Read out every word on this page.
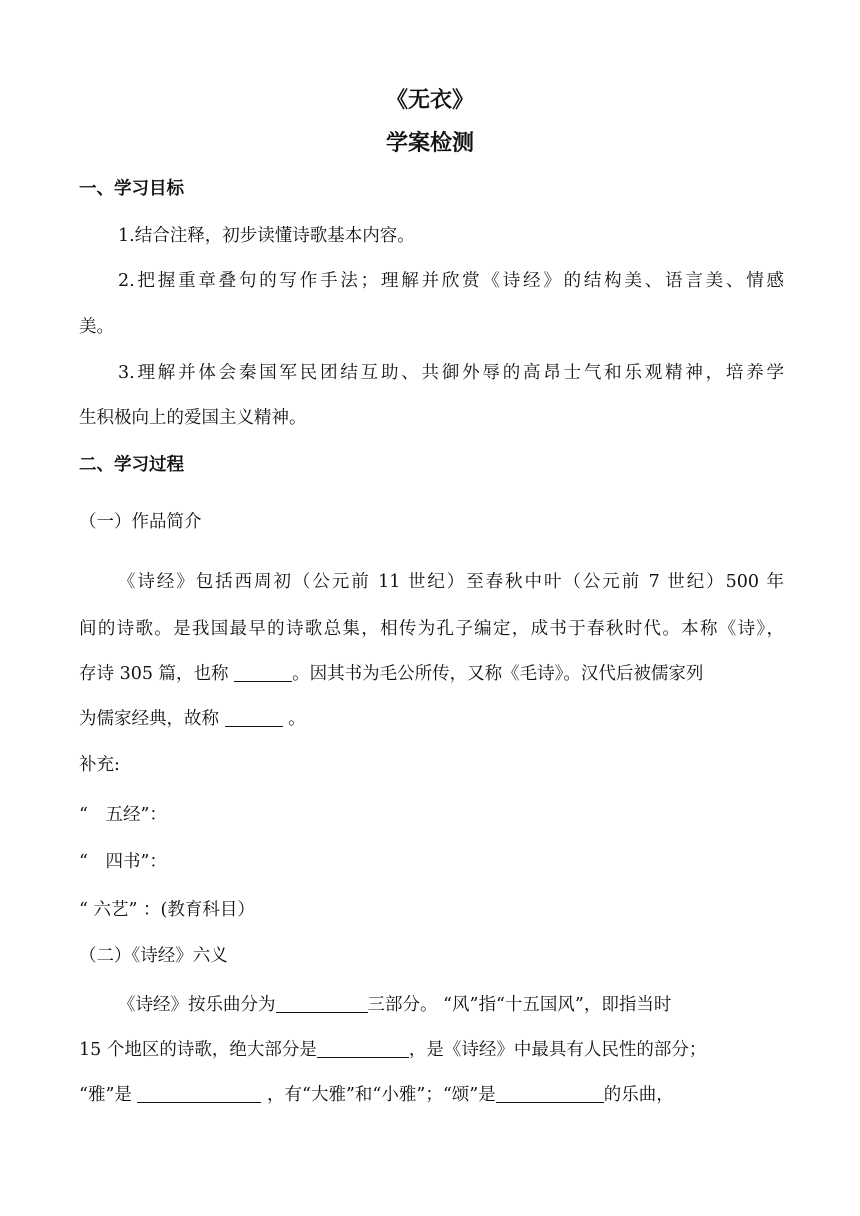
《无衣》
学案检测
一、学习目标
1.结合注释，初步读懂诗歌基本内容。
2.把握重章叠句的写作手法；理解并欣赏《诗经》的结构美、语言美、情感
美。
3.理解并体会秦国军民团结互助、共御外辱的高昂士气和乐观精神，培养学
生积极向上的爱国主义精神。
二、学习过程
（一）作品简介
《诗经》包括西周初（公元前 11 世纪）至春秋中叶（公元前 7 世纪）500 年
间的诗歌。是我国最早的诗歌总集，相传为孔子编定，成书于春秋时代。本称《诗》，
存诗 305 篇，也称	。因其书为毛公所传，又称《毛诗》。汉代后被儒家列
为儒家经典，故称	。
补充:
“　五经”：
“　四书”：
“ 六艺” ：(教育科目）
（二）《诗经》六义
《诗经》按乐曲分为	三部分。 “风”指“十五国风”，即指当时
15 个地区的诗歌，绝大部分是	，是《诗经》中最具有人民性的部分；
“雅”是	，有“大雅”和“小雅”；“颂”是	的乐曲，
